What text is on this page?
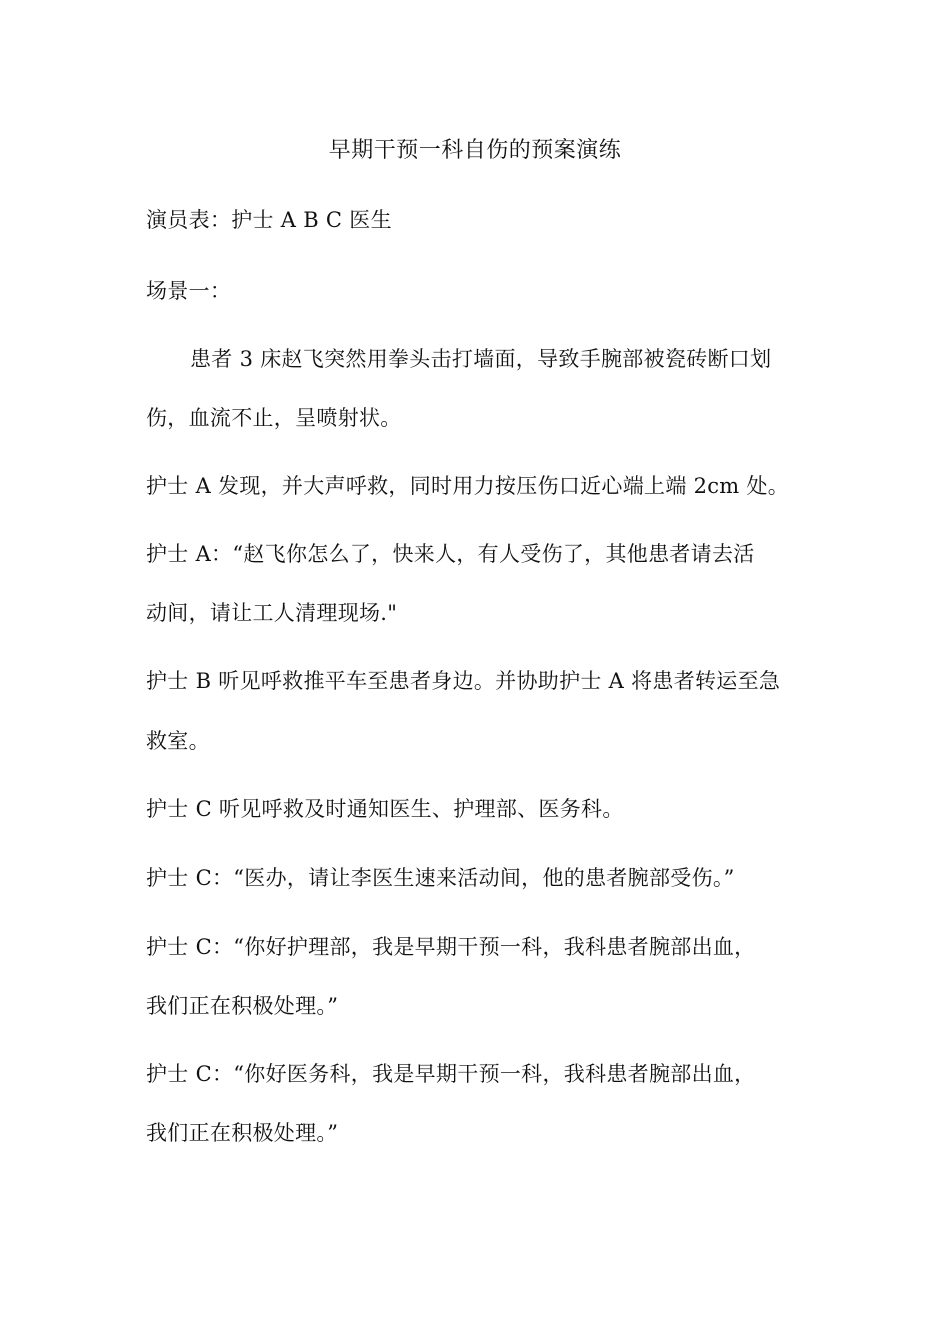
早期干预一科自伤的预案演练
演员表：护士 A B C 医生
场景一：
患者 3 床赵飞突然用拳头击打墙面，导致手腕部被瓷砖断口划
伤，血流不止，呈喷射状。
护士 A 发现，并大声呼救，同时用力按压伤口近心端上端 2cm 处。
护士 A：“赵飞你怎么了，快来人，有人受伤了，其他患者请去活
动间，请让工人清理现场."
护士 B 听见呼救推平车至患者身边。并协助护士 A 将患者转运至急
救室。
护士 C 听见呼救及时通知医生、护理部、医务科。
护士 C：“医办，请让李医生速来活动间，他的患者腕部受伤。”
护士 C：“你好护理部，我是早期干预一科，我科患者腕部出血，
我们正在积极处理。”
护士 C：“你好医务科，我是早期干预一科，我科患者腕部出血，
我们正在积极处理。”
